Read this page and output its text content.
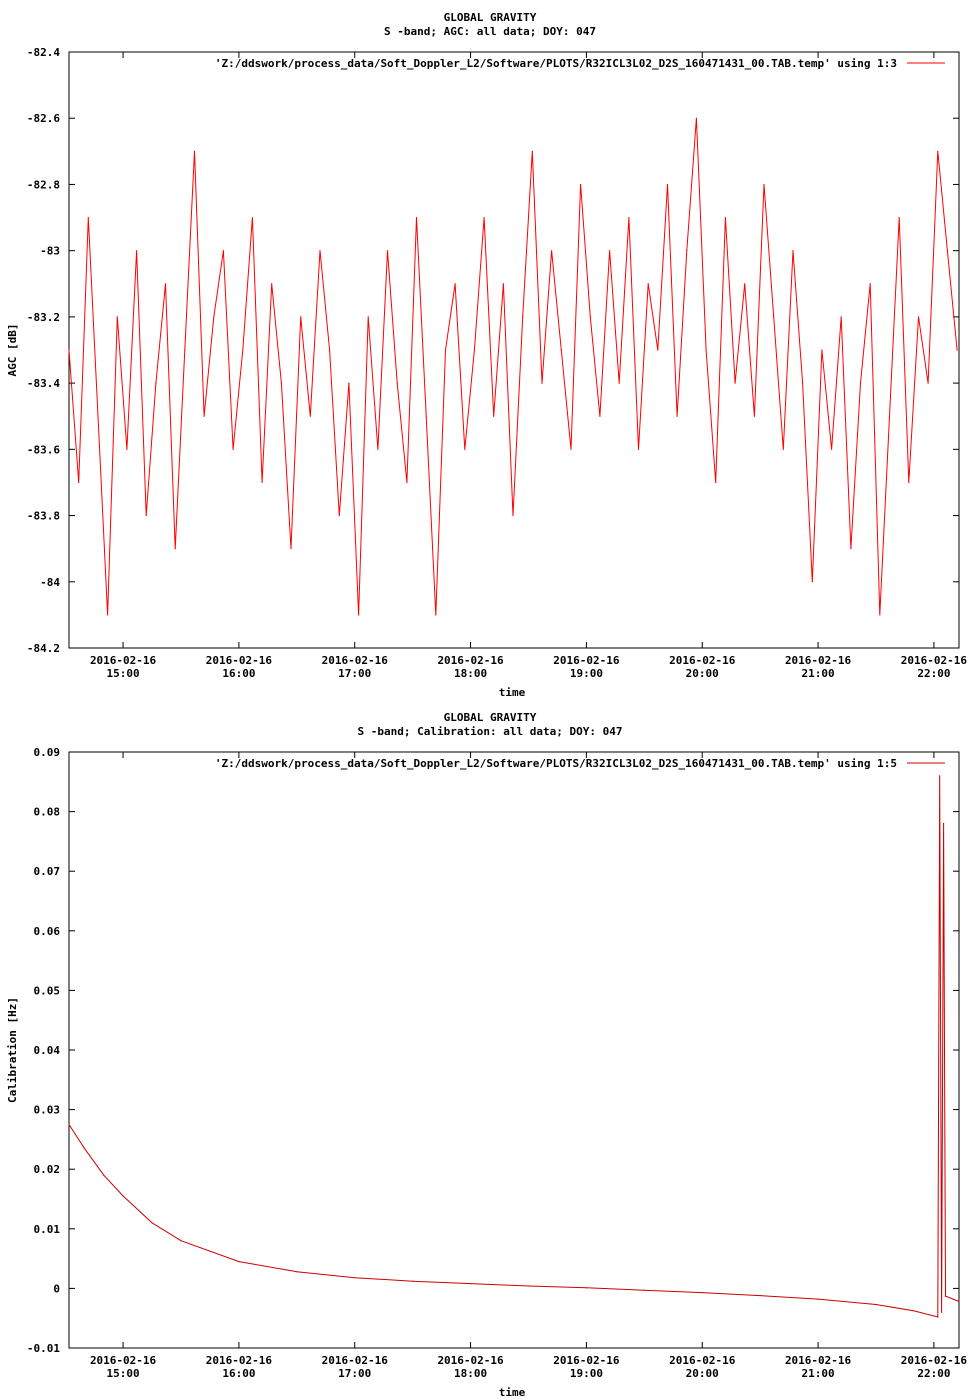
GLOBAL GRAVITY
S -band; AGC: all data; DOY: 047
-82.4
-82.6
-82.8
-83
-83.2
-83.4
-83.6
-83.8
-84
-84.2
2016-02-16
15:00
2016-02-16
16:00
2016-02-16
17:00
2016-02-16
18:00
2016-02-16
19:00
2016-02-16
20:00
2016-02-16
21:00
2016-02-16
22:00
time
AGC [dB]
'Z:/ddswork/process_data/Soft_Doppler_L2/Software/PLOTS/R32ICL3L02_D2S_160471431_00.TAB.temp' using 1:3
GLOBAL GRAVITY
S -band; Calibration: all data; DOY: 047
0.09
0.08
0.07
0.06
0.05
0.04
0.03
0.02
0.01
0
-0.01
2016-02-16
15:00
2016-02-16
16:00
2016-02-16
17:00
2016-02-16
18:00
2016-02-16
19:00
2016-02-16
20:00
2016-02-16
21:00
2016-02-16
22:00
time
Calibration [Hz]
'Z:/ddswork/process_data/Soft_Doppler_L2/Software/PLOTS/R32ICL3L02_D2S_160471431_00.TAB.temp' using 1:5
